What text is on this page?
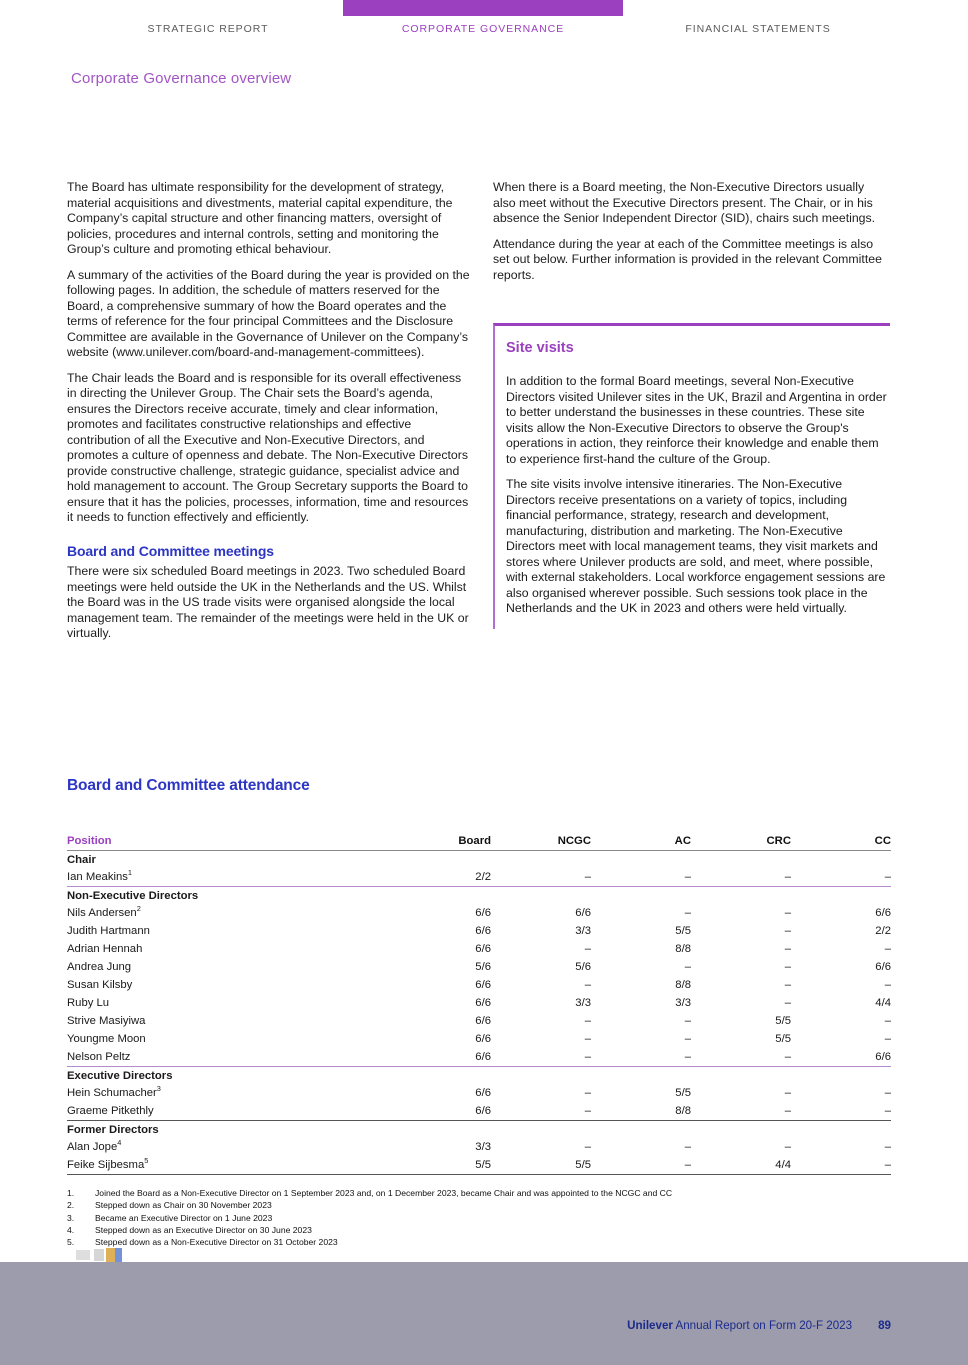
STRATEGIC REPORT	CORPORATE GOVERNANCE	FINANCIAL STATEMENTS
Corporate Governance overview

The Board has ultimate responsibility for the development of strategy, material acquisitions and divestments, material capital expenditure, the Company’s capital structure and other financing matters, oversight of policies, procedures and internal controls, setting and monitoring the Group’s culture and promoting ethical behaviour.

A summary of the activities of the Board during the year is provided on the following pages. In addition, the schedule of matters reserved for the Board, a comprehensive summary of how the Board operates and the terms of reference for the four principal Committees and the Disclosure Committee are available in the Governance of Unilever on the Company’s website (www.unilever.com/board-and-management-committees).

The Chair leads the Board and is responsible for its overall effectiveness in directing the Unilever Group. The Chair sets the Board’s agenda, ensures the Directors receive accurate, timely and clear information, promotes and facilitates constructive relationships and effective contribution of all the Executive and Non-Executive Directors, and promotes a culture of openness and debate. The Non-Executive Directors provide constructive challenge, strategic guidance, specialist advice and hold management to account. The Group Secretary supports the Board to ensure that it has the policies, processes, information, time and resources it needs to function effectively and efficiently.

Board and Committee meetings

There were six scheduled Board meetings in 2023. Two scheduled Board meetings were held outside the UK in the Netherlands and the US. Whilst the Board was in the US trade visits were organised alongside the local management team. The remainder of the meetings were held in the UK or virtually.

When there is a Board meeting, the Non-Executive Directors usually also meet without the Executive Directors present. The Chair, or in his absence the Senior Independent Director (SID), chairs such meetings.

Attendance during the year at each of the Committee meetings is also set out below. Further information is provided in the relevant Committee reports.

Site visits

In addition to the formal Board meetings, several Non-Executive Directors visited Unilever sites in the UK, Brazil and Argentina in order to better understand the businesses in these countries. These site visits allow the Non-Executive Directors to observe the Group's operations in action, they reinforce their knowledge and enable them to experience first-hand the culture of the Group.

The site visits involve intensive itineraries. The Non-Executive Directors receive presentations on a variety of topics, including financial performance, strategy, research and development, manufacturing, distribution and marketing. The Non-Executive Directors meet with local management teams, they visit markets and stores where Unilever products are sold, and meet, where possible, with external stakeholders. Local workforce engagement sessions are also organised wherever possible. Such sessions took place in the Netherlands and the UK in 2023 and others were held virtually.

Board and Committee attendance
Position	Board	NCGC	AC	CRC	CC
Chair					
Ian Meakins$^1$	2/2	–	–	–	–
Non-Executive Directors					
Nils Andersen$^2$	6/6	6/6	–	–	6/6
Judith Hartmann	6/6	3/3	5/5	–	2/2
Adrian Hennah	6/6	–	8/8	–	–
Andrea Jung	5/6	5/6	–	–	6/6
Susan Kilsby	6/6	–	8/8	–	–
Ruby Lu	6/6	3/3	3/3	–	4/4
Strive Masiyiwa	6/6	–	–	5/5	–
Youngme Moon	6/6	–	–	5/5	–
Nelson Peltz	6/6	–	–	–	6/6
Executive Directors					
Hein Schumacher$^3$	6/6	–	5/5	–	–
Graeme Pitkethly	6/6	–	8/8	–	–
Former Directors					
Alan Jope$^4$	3/3	–	–	–	–
Feike Sijbesma$^5$	5/5	5/5	–	4/4	–
1.	Joined the Board as a Non-Executive Director on 1 September 2023 and, on 1 December 2023, became Chair and was appointed to the NCGC and CC
2.	Stepped down as Chair on 30 November 2023
3.	Became an Executive Director on 1 June 2023
4.	Stepped down as an Executive Director on 30 June 2023
5.	Stepped down as a Non-Executive Director on 31 October 2023
Unilever Annual Report on Form 20-F 2023 89
